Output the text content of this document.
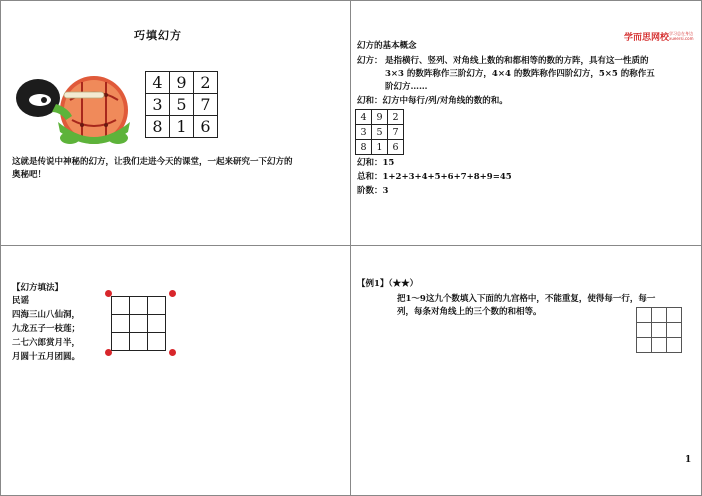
巧填幻方
4	9	2
3	5	7
8	1	6
这就是传说中神秘的幻方，让我们走进今天的课堂，一起来研究一下幻方的
奥秘吧！
学而思网校 学习总在身边
xueersi.com
幻方的基本概念
幻方： 是指横行、竖列、对角线上数的和都相等的数的方阵，具有这一性质的
3×3 的数阵称作三阶幻方，4×4 的数阵称作四阶幻方，5×5 的称作五
阶幻方……
幻和：幻方中每行/列/对角线的数的和。
4	9	2
3	5	7
8	1	6
幻和：15
总和：1+2+3+4+5+6+7+8+9=45
阶数：3
【幻方填法】
民谣
四海三山八仙洞，
九龙五子一枝莲；
二七六郎赏月半，
月圆十五月团圆。

【例1】（★★）
把1～9这九个数填入下面的九宫格中，不能重复，使得每一行，每一
列，每条对角线上的三个数的和相等。

1
